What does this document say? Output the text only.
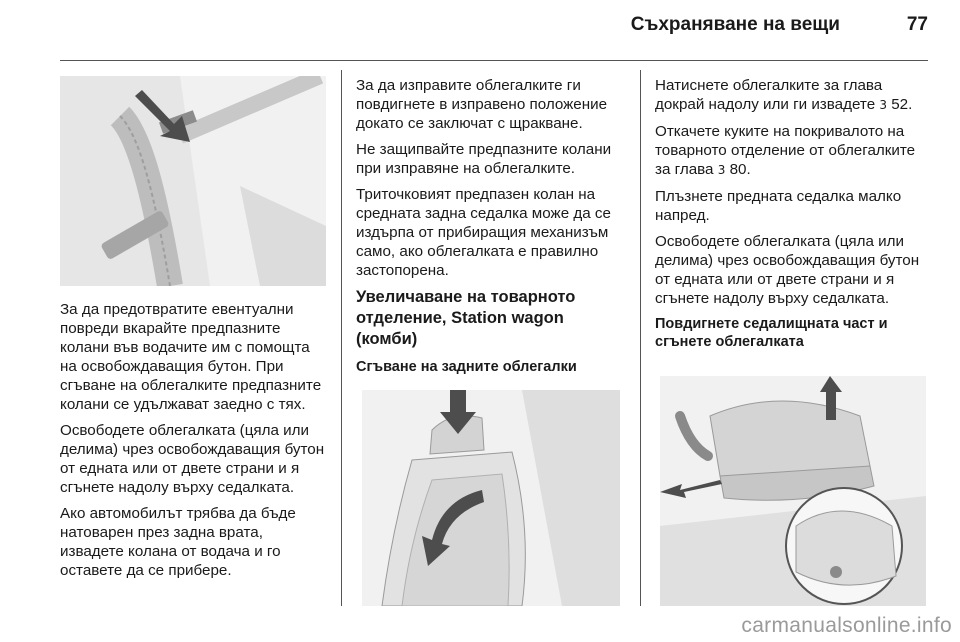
Съхраняване на вещи	77

За да предотвратите евентуални повреди вкарайте предпазните колани във водачите им с помощта на освобождаващия бутон. При сгъване на облегалките предпазните колани се удължават заедно с тях.

Освободете облегалката (цяла или делима) чрез освобождаващия бутон от едната или от двете страни и я сгънете надолу върху седалката.

Ако автомобилът трябва да бъде натоварен през задна врата, извадете колана от водача и го оставете да се прибере.

За да изправите облегалките ги повдигнете в изправено положение докато се заключат с щракване.

Не защипвайте предпазните колани при изправяне на облегалките.

Триточковият предпазен колан на средната задна седалка може да се издърпа от прибиращия механизъм само, ако облегалката е правилно застопорена.

Увеличаване на товарното отделение, Station wagon (комби)
Сгъване на задните облегалки

Натиснете облегалките за глава докрай надолу или ги извадете 3 52.

Откачете куките на покривалото на товарното отделение от облегалките за глава 3 80.

Плъзнете предната седалка малко напред.

Освободете облегалката (цяла или делима) чрез освобождаващия бутон от едната или от двете страни и я сгънете надолу върху седалката.

Повдигнете седалищната част и сгънете облегалката
carmanualsonline.info
